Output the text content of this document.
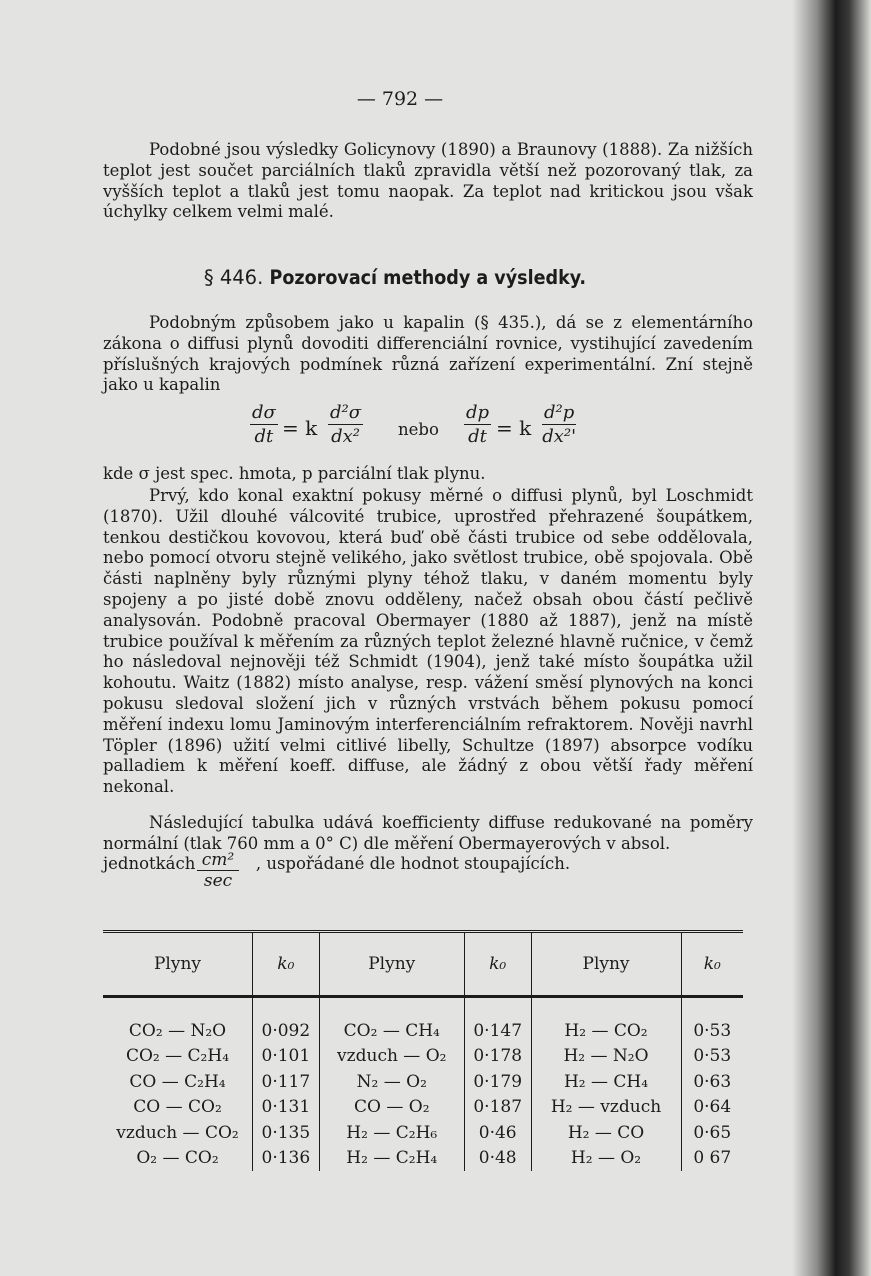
— 792 —

Podobné jsou výsledky Golicynovy (1890) a Braunovy (1888). Za nižších teplot jest součet parciálních tlaků zpravidla větší než pozorovaný tlak, za vyšších teplot a tlaků jest tomu naopak. Za teplot nad kritickou jsou však úchylky celkem velmi malé.

§ 446. Pozorovací methody a výsledky.

Podobným způsobem jako u kapalin (§ 435.), dá se z elementárního zákona o diffusi plynů dovoditi differenciální rovnice, vystihující zavedením příslušných krajových podmínek různá zařízení experimentální. Zní stejně jako u kapalin

$\frac{d\sigma}{dt} = k \frac{\text{d²σ}}{\text{dx²}}$ nebo $\frac{dp}{dt} = k \frac{\text{d²p}}{\text{dx²'}}$

kde σ jest spec. hmota, p parciální tlak plynu.

Prvý, kdo konal exaktní pokusy měrné o diffusi plynů, byl Loschmidt (1870). Užil dlouhé válcovité trubice, uprostřed přehrazené šoupátkem, tenkou destičkou kovovou, která buď obě části trubice od sebe oddělovala, nebo pomocí otvoru stejně velikého, jako světlost trubice, obě spojovala. Obě části naplněny byly různými plyny téhož tlaku, v daném momentu byly spojeny a po jisté době znovu odděleny, načež obsah obou částí pečlivě analysován. Podobně pracoval Obermayer (1880 až 1887), jenž na místě trubice používal k měřením za různých teplot železné hlavně ručnice, v čemž ho následoval nejnověji též Schmidt (1904), jenž také místo šoupátka užil kohoutu. Waitz (1882) místo analyse, resp. vážení směsí plynových na konci pokusu sledoval složení jich v různých vrstvách během pokusu pomocí měření indexu lomu Jaminovým interferenciálním refraktorem. Nověji navrhl Töpler (1896) užití velmi citlivé libelly, Schultze (1897) absorpce vodíku palladiem k měření koeff. diffuse, ale žádný z obou větší řady měření nekonal.

Následující tabulka udává koefficienty diffuse redukované na poměry normální (tlak 760 mm a 0° C) dle měření Obermayerových v absol.

jednotkách	, uspořádané dle hodnot stoupajících.
cm²
sec
Plyny	k₀	Plyny	k₀	Plyny	k₀
CO₂ — N₂O	0·092	CO₂ — CH₄	0·147	H₂ — CO₂	0·53
CO₂ — C₂H₄	0·101	vzduch — O₂	0·178	H₂ — N₂O	0·53
CO — C₂H₄	0·117	N₂ — O₂	0·179	H₂ — CH₄	0·63
CO — CO₂	0·131	CO — O₂	0·187	H₂ — vzduch	0·64
vzduch — CO₂	0·135	H₂ — C₂H₆	0·46	H₂ — CO	0·65
O₂ — CO₂	0·136	H₂ — C₂H₄	0·48	H₂ — O₂	0 67
